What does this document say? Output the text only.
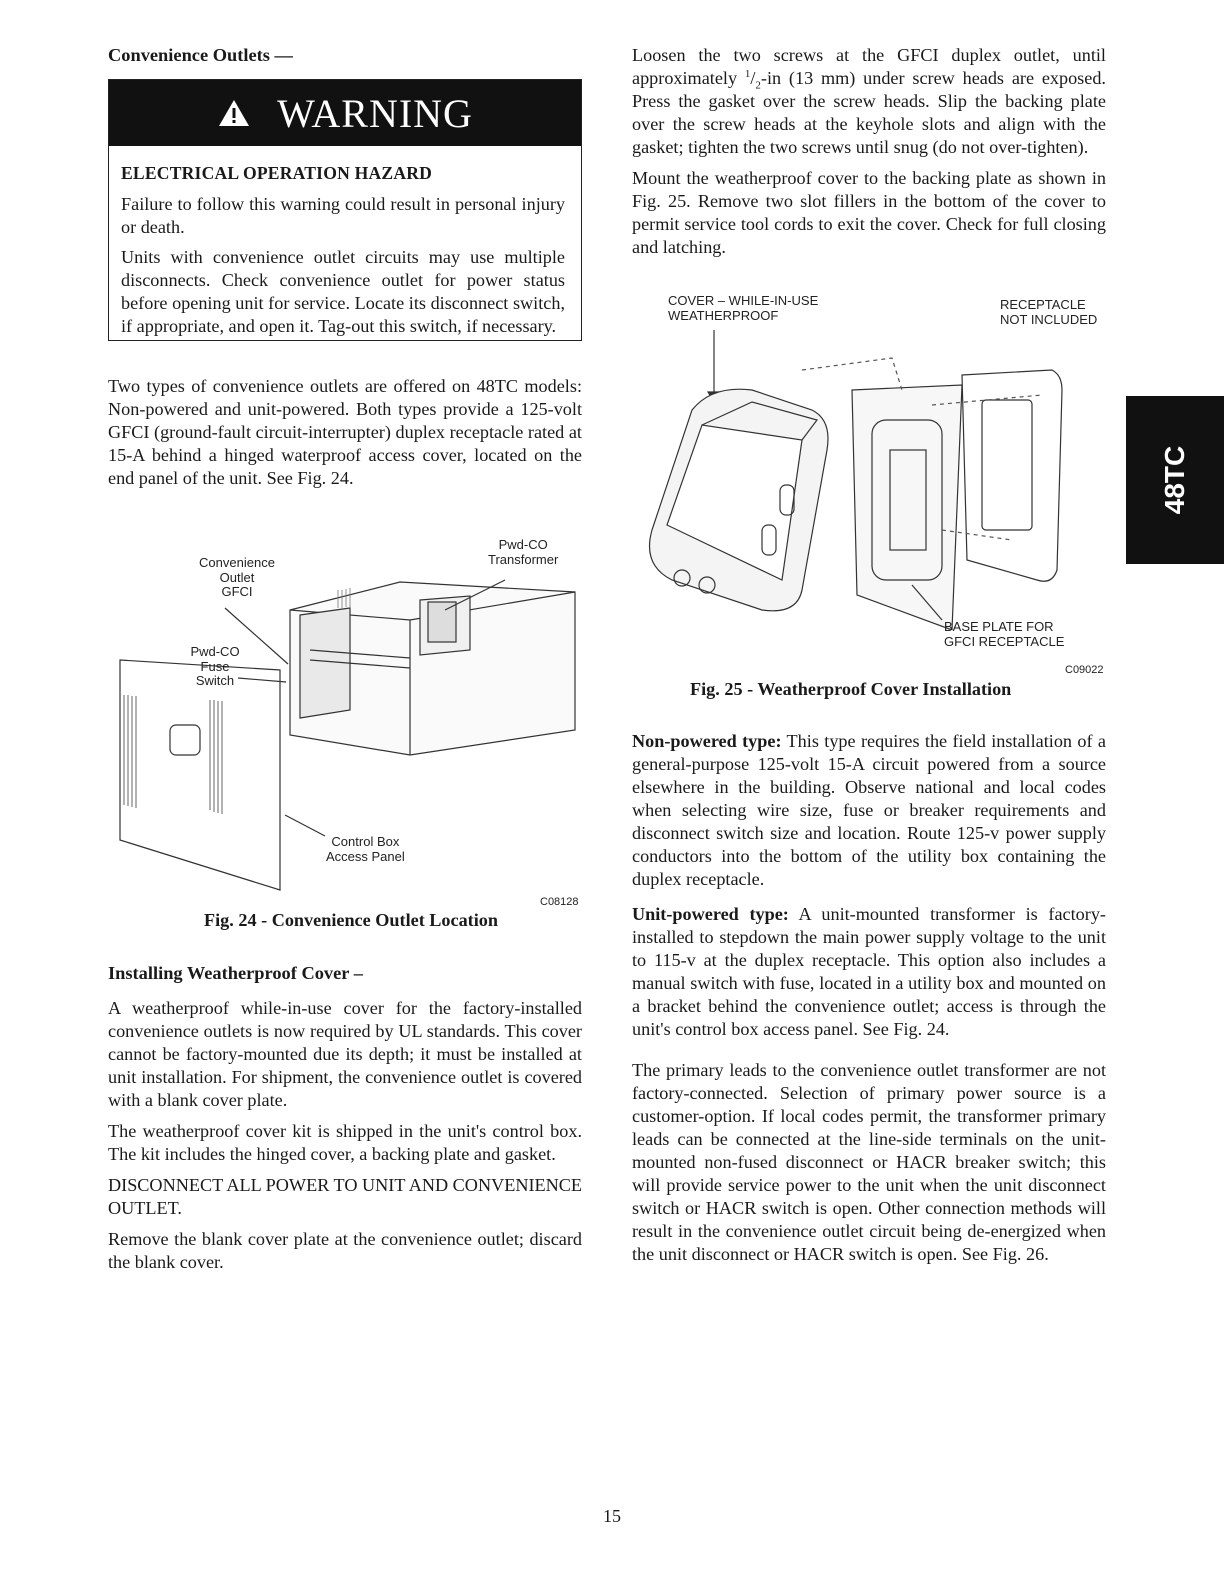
Convenience Outlets —
WARNING
ELECTRICAL OPERATION HAZARD

Failure to follow this warning could result in personal injury or death.

Units with convenience outlet circuits may use multiple disconnects. Check convenience outlet for power status before opening unit for service. Locate its disconnect switch, if appropriate, and open it. Tag-out this switch, if necessary.

Two types of convenience outlets are offered on 48TC models: Non-powered and unit-powered. Both types provide a 125-volt GFCI (ground-fault circuit-interrupter) duplex receptacle rated at 15-A behind a hinged waterproof access cover, located on the end panel of the unit. See Fig. 24.

Convenience
Outlet
GFCI
Pwd-CO
Transformer
Pwd-CO
Fuse
Switch
Control Box
Access Panel
C08128
Fig. 24 - Convenience Outlet Location
Installing Weatherproof Cover –

A weatherproof while-in-use cover for the factory-installed convenience outlets is now required by UL standards. This cover cannot be factory-mounted due its depth; it must be installed at unit installation. For shipment, the convenience outlet is covered with a blank cover plate.

The weatherproof cover kit is shipped in the unit's control box. The kit includes the hinged cover, a backing plate and gasket.

DISCONNECT ALL POWER TO UNIT AND CONVENIENCE OUTLET.

Remove the blank cover plate at the convenience outlet; discard the blank cover.

Loosen the two screws at the GFCI duplex outlet, until approximately $^1/_2-in$ (13 mm) under screw heads are exposed. Press the gasket over the screw heads. Slip the backing plate over the screw heads at the keyhole slots and align with the gasket; tighten the two screws until snug (do not over-tighten).

Mount the weatherproof cover to the backing plate as shown in Fig. 25. Remove two slot fillers in the bottom of the cover to permit service tool cords to exit the cover. Check for full closing and latching.

COVER – WHILE-IN-USE
WEATHERPROOF
RECEPTACLE
NOT INCLUDED
BASE PLATE FOR
GFCI RECEPTACLE
C09022
Fig. 25 - Weatherproof Cover Installation

Non-powered type: This type requires the field installation of a general-purpose 125-volt 15-A circuit powered from a source elsewhere in the building. Observe national and local codes when selecting wire size, fuse or breaker requirements and disconnect switch size and location. Route 125-v power supply conductors into the bottom of the utility box containing the duplex receptacle.

Unit-powered type: A unit-mounted transformer is factory-installed to stepdown the main power supply voltage to the unit to 115-v at the duplex receptacle. This option also includes a manual switch with fuse, located in a utility box and mounted on a bracket behind the convenience outlet; access is through the unit's control box access panel. See Fig. 24.

The primary leads to the convenience outlet transformer are not factory-connected. Selection of primary power source is a customer-option. If local codes permit, the transformer primary leads can be connected at the line-side terminals on the unit-mounted non-fused disconnect or HACR breaker switch; this will provide service power to the unit when the unit disconnect switch or HACR switch is open. Other connection methods will result in the convenience outlet circuit being de-energized when the unit disconnect or HACR switch is open. See Fig. 26.

48TC
15
